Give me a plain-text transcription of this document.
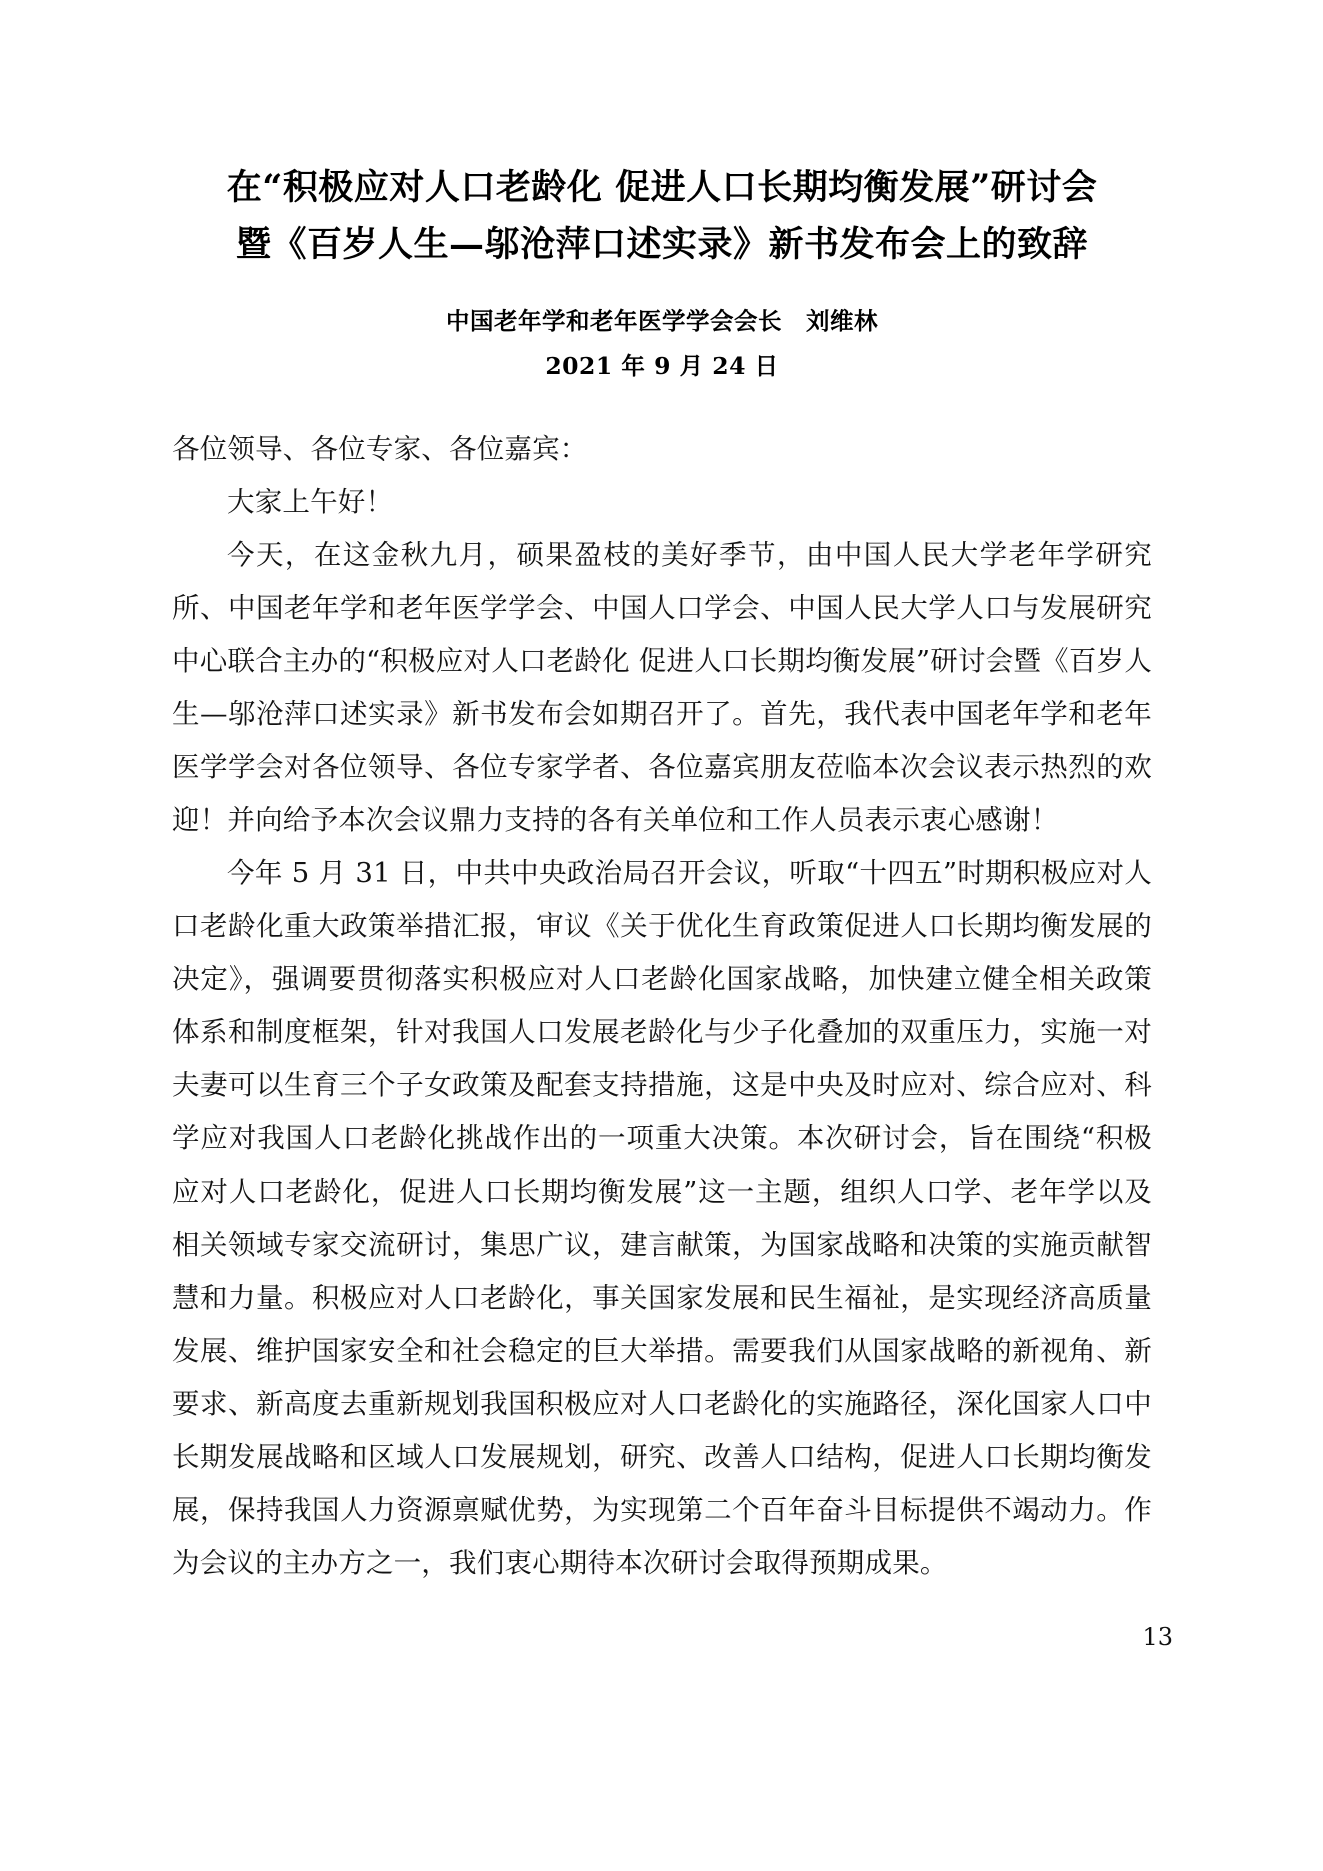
在“积极应对人口老龄化 促进人口长期均衡发展”研讨会
暨《百岁人生—邬沧萍口述实录》新书发布会上的致辞
中国老年学和老年医学学会会长　刘维林
2021 年 9 月 24 日

各位领导、各位专家、各位嘉宾：

大家上午好！

今天，在这金秋九月，硕果盈枝的美好季节，由中国人民大学老年学研究所、中国老年学和老年医学学会、中国人口学会、中国人民大学人口与发展研究中心联合主办的“积极应对人口老龄化 促进人口长期均衡发展”研讨会暨《百岁人生—邬沧萍口述实录》新书发布会如期召开了。首先，我代表中国老年学和老年医学学会对各位领导、各位专家学者、各位嘉宾朋友莅临本次会议表示热烈的欢迎！并向给予本次会议鼎力支持的各有关单位和工作人员表示衷心感谢！

今年 5 月 31 日，中共中央政治局召开会议，听取“十四五”时期积极应对人口老龄化重大政策举措汇报，审议《关于优化生育政策促进人口长期均衡发展的决定》，强调要贯彻落实积极应对人口老龄化国家战略，加快建立健全相关政策体系和制度框架，针对我国人口发展老龄化与少子化叠加的双重压力，实施一对夫妻可以生育三个子女政策及配套支持措施，这是中央及时应对、综合应对、科学应对我国人口老龄化挑战作出的一项重大决策。本次研讨会，旨在围绕“积极应对人口老龄化，促进人口长期均衡发展”这一主题，组织人口学、老年学以及相关领域专家交流研讨，集思广议，建言献策，为国家战略和决策的实施贡献智慧和力量。积极应对人口老龄化，事关国家发展和民生福祉，是实现经济高质量发展、维护国家安全和社会稳定的巨大举措。需要我们从国家战略的新视角、新要求、新高度去重新规划我国积极应对人口老龄化的实施路径，深化国家人口中长期发展战略和区域人口发展规划，研究、改善人口结构，促进人口长期均衡发展，保持我国人力资源禀赋优势，为实现第二个百年奋斗目标提供不竭动力。作为会议的主办方之一，我们衷心期待本次研讨会取得预期成果。

13
